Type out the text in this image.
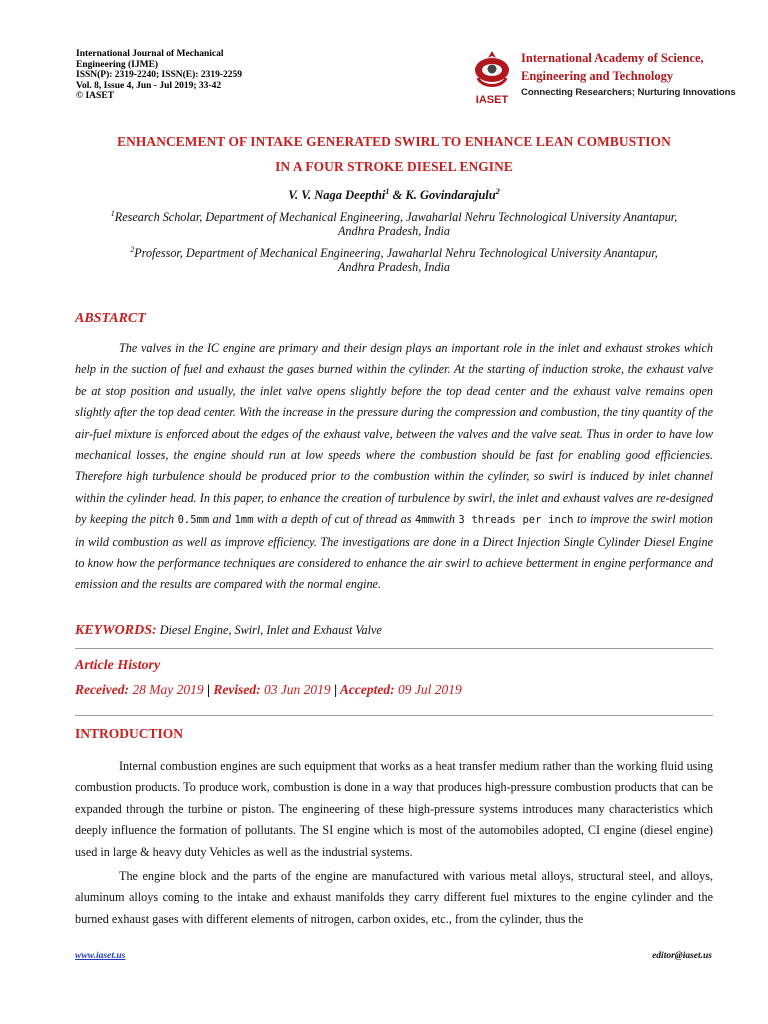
International Journal of Mechanical
Engineering (IJME)
ISSN(P): 2319-2240; ISSN(E): 2319-2259
Vol. 8, Issue 4, Jun - Jul 2019; 33-42
© IASET	IASET
International Academy of Science,
Engineering and Technology
Connecting Researchers; Nurturing Innovations
ENHANCEMENT OF INTAKE GENERATED SWIRL TO ENHANCE LEAN COMBUSTION
IN A FOUR STROKE DIESEL ENGINE
V. V. Naga Deepthi$^1$ & K. Govindarajulu$^2$
$^1$Research Scholar, Department of Mechanical Engineering, Jawaharlal Nehru Technological University Anantapur,
Andhra Pradesh, India
$^2$Professor, Department of Mechanical Engineering, Jawaharlal Nehru Technological University Anantapur,
Andhra Pradesh, India
ABSTARCT

The valves in the IC engine are primary and their design plays an important role in the inlet and exhaust strokes which help in the suction of fuel and exhaust the gases burned within the cylinder. At the starting of induction stroke, the exhaust valve be at stop position and usually, the inlet valve opens slightly before the top dead center and the exhaust valve remains open slightly after the top dead center. With the increase in the pressure during the compression and combustion, the tiny quantity of the air-fuel mixture is enforced about the edges of the exhaust valve, between the valves and the valve seat. Thus in order to have low mechanical losses, the engine should run at low speeds where the combustion should be fast for enabling good efficiencies. Therefore high turbulence should be produced prior to the combustion within the cylinder, so swirl is induced by inlet channel within the cylinder head. In this paper, to enhance the creation of turbulence by swirl, the inlet and exhaust valves are re-designed by keeping the pitch 0.5mm and 1mm with a depth of cut of thread as 4mmwith 3 threads per inch to improve the swirl motion in wild combustion as well as improve efficiency. The investigations are done in a Direct Injection Single Cylinder Diesel Engine to know how the performance techniques are considered to enhance the air swirl to achieve betterment in engine performance and emission and the results are compared with the normal engine.

KEYWORDS: Diesel Engine, Swirl, Inlet and Exhaust Valve
Article History
Received: 28 May 2019 | Revised: 03 Jun 2019 | Accepted: 09 Jul 2019
INTRODUCTION

Internal combustion engines are such equipment that works as a heat transfer medium rather than the working fluid using combustion products. To produce work, combustion is done in a way that produces high-pressure combustion products that can be expanded through the turbine or piston. The engineering of these high-pressure systems introduces many characteristics which deeply influence the formation of pollutants. The SI engine which is most of the automobiles adopted, CI engine (diesel engine) used in large & heavy duty Vehicles as well as the industrial systems.

The engine block and the parts of the engine are manufactured with various metal alloys, structural steel, and alloys, aluminum alloys coming to the intake and exhaust manifolds they carry different fuel mixtures to the engine cylinder and the burned exhaust gases with different elements of nitrogen, carbon oxides, etc., from the cylinder, thus the

www.iaset.us	editor@iaset.us
